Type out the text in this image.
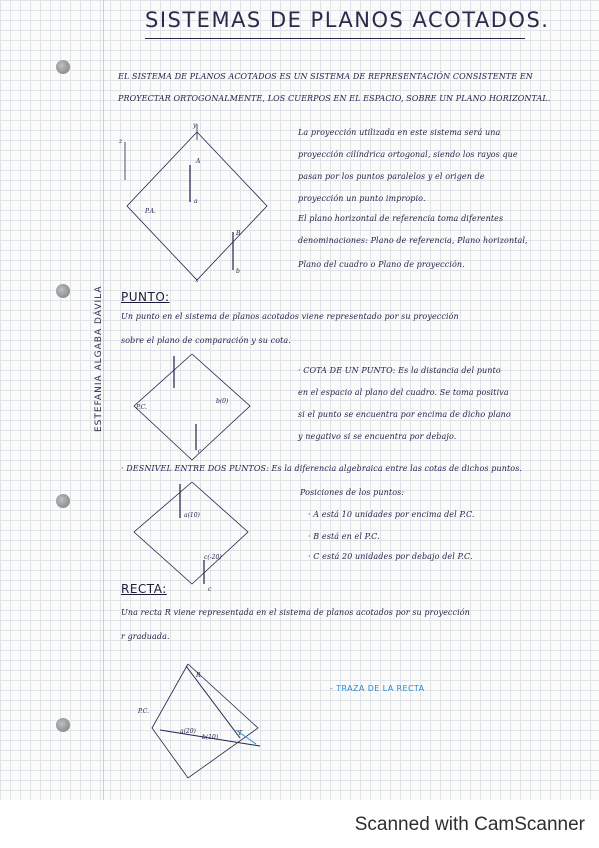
SISTEMAS DE PLANOS ACOTADOS.
EL SISTEMA DE PLANOS ACOTADOS ES UN SISTEMA DE REPRESENTACIÓN CONSISTENTE EN
PROYECTAR ORTOGONALMENTE, LOS CUERPOS EN EL ESPACIO, SOBRE UN PLANO HORIZONTAL.
z
y
x
P.A.
A
a
B
b
La proyección utilizada en este sistema será una
proyección cilíndrica ortogonal, siendo los rayos que
pasan por los puntos paralelos y el origen de
proyección un punto impropio.
El plano horizontal de referencia toma diferentes
denominaciones: Plano de referencia, Plano horizontal,
Plano del cuadro o Plano de proyección.
PUNTO:
Un punto en el sistema de planos acotados viene representado por su proyección
sobre el plano de comparación y su cota.
P.C.
c
b(0)
· COTA DE UN PUNTO: Es la distancia del punto
en el espacio al plano del cuadro. Se toma positiva
si el punto se encuentra por encima de dicho plano
y negativo si se encuentra por debajo.
· DESNIVEL ENTRE DOS PUNTOS: Es la diferencia algebraica entre las cotas de dichos puntos.
a(10)
c(-20)
c
Posiciones de los puntos:
· A está 10 unidades por encima del P.C.
· B está en el P.C.
· C está 20 unidades por debajo del P.C.
RECTA:
Una recta R viene representada en el sistema de planos acotados por su proyección
r graduada.
P.C.
R
T
a(20)
b(10)
- TRAZA DE LA RECTA
ESTEFANIA ALGABA DÁVILA
Scanned with CamScanner
